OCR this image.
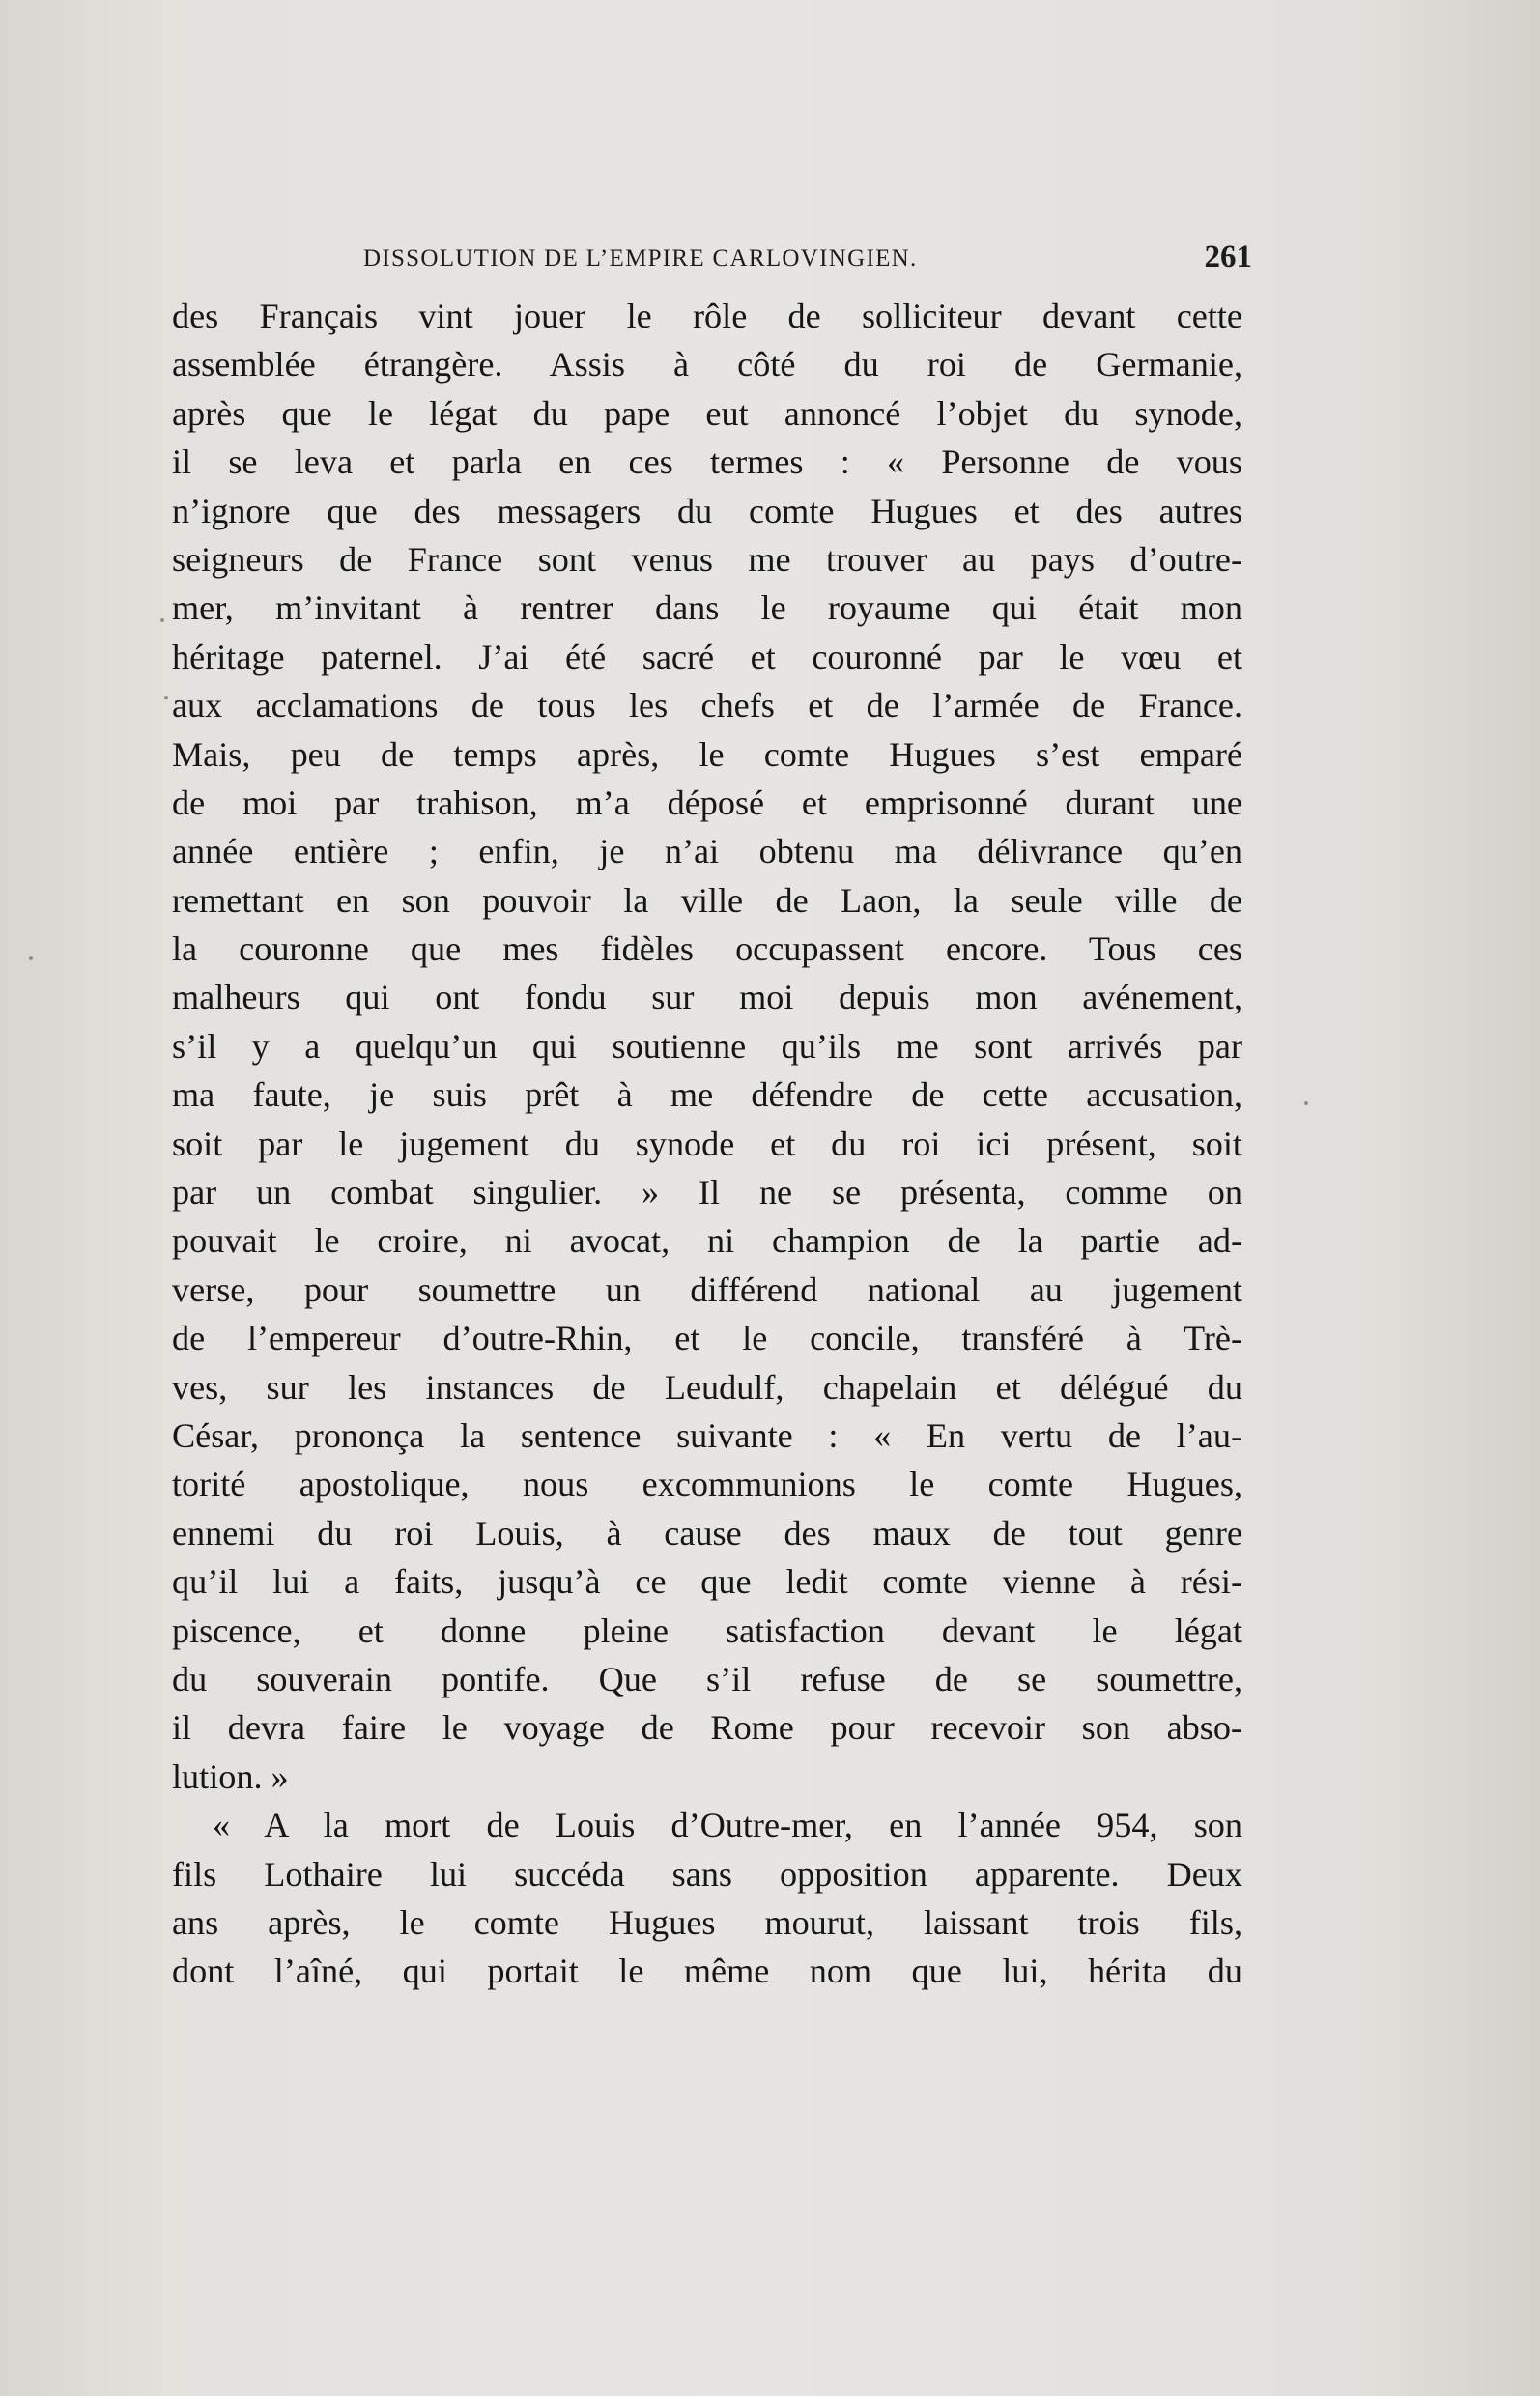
DISSOLUTION DE L’EMPIRE CARLOVINGIEN.	261
des Français vint jouer le rôle de solliciteur devant cette
assemblée étrangère. Assis à côté du roi de Germanie,
après que le légat du pape eut annoncé l’objet du synode,
il se leva et parla en ces termes : « Personne de vous
n’ignore que des messagers du comte Hugues et des autres
seigneurs de France sont venus me trouver au pays d’outre-
mer, m’invitant à rentrer dans le royaume qui était mon
héritage paternel. J’ai été sacré et couronné par le vœu et
aux acclamations de tous les chefs et de l’armée de France.
Mais, peu de temps après, le comte Hugues s’est emparé
de moi par trahison, m’a déposé et emprisonné durant une
année entière ; enfin, je n’ai obtenu ma délivrance qu’en
remettant en son pouvoir la ville de Laon, la seule ville de
la couronne que mes fidèles occupassent encore. Tous ces
malheurs qui ont fondu sur moi depuis mon avénement,
s’il y a quelqu’un qui soutienne qu’ils me sont arrivés par
ma faute, je suis prêt à me défendre de cette accusation,
soit par le jugement du synode et du roi ici présent, soit
par un combat singulier. » Il ne se présenta, comme on
pouvait le croire, ni avocat, ni champion de la partie ad-
verse, pour soumettre un différend national au jugement
de l’empereur d’outre-Rhin, et le concile, transféré à Trè-
ves, sur les instances de Leudulf, chapelain et délégué du
César, prononça la sentence suivante : « En vertu de l’au-
torité apostolique, nous excommunions le comte Hugues,
ennemi du roi Louis, à cause des maux de tout genre
qu’il lui a faits, jusqu’à ce que ledit comte vienne à rési-
piscence, et donne pleine satisfaction devant le légat
du souverain pontife. Que s’il refuse de se soumettre,
il devra faire le voyage de Rome pour recevoir son abso-
lution. »
« A la mort de Louis d’Outre-mer, en l’année 954, son
fils Lothaire lui succéda sans opposition apparente. Deux
ans après, le comte Hugues mourut, laissant trois fils,
dont l’aîné, qui portait le même nom que lui, hérita du
